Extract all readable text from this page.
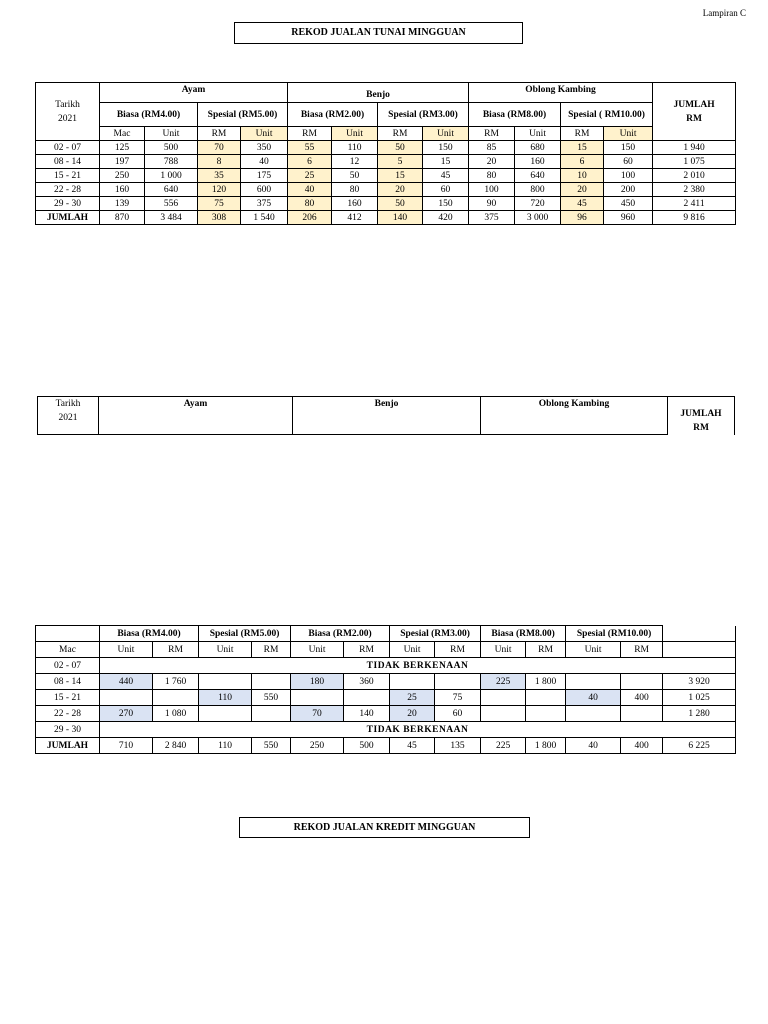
Lampiran C
REKOD JUALAN TUNAI MINGGUAN
Tarikh
2021	Ayam				Benjo				Oblong Kambing				JUMLAH
RM	
	Biasa (RM4.00)		Spesial (RM5.00)		Biasa (RM2.00)		Spesial (RM3.00)		Biasa (RM8.00)		Spesial ( RM10.00)			
	Mac	Unit	RM	Unit	RM	Unit	RM	Unit	RM	Unit	RM	Unit	
02 - 07	125	500	70	350	55	110	50	150	85	680	15	150	1 940	
08 - 14	197	788	8	40	6	12	5	15	20	160	6	60	1 075	
15 - 21	250	1 000	35	175	25	50	15	45	80	640	10	100	2 010	
22 - 28	160	640	120	600	40	80	20	60	100	800	20	200	2 380	
29 - 30	139	556	75	375	80	160	50	150	90	720	45	450	2 411	
JUMLAH	870	3 484	308	1 540	206	412	140	420	375	3 000	96	960	9 816	
Tarikh
2021	Ayam	Benjo	Oblong Kambing	JUMLAH
RM
	Biasa (RM4.00)		Spesial (RM5.00)		Biasa (RM2.00)		Spesial (RM3.00)		Biasa (RM8.00)		Spesial (RM10.00)		
Mac	Unit	RM	Unit	RM	Unit	RM	Unit	RM	Unit	RM	Unit	RM	
02 - 07	TIDAK BERKENAAN												
08 - 14	440	1 760			180	360			225	1 800			3 920
15 - 21			110	550			25	75			40	400	1 025
22 - 28	270	1 080			70	140	20	60					1 280
29 - 30	TIDAK BERKENAAN												
JUMLAH	710	2 840	110	550	250	500	45	135	225	1 800	40	400	6 225
REKOD JUALAN KREDIT MINGGUAN
